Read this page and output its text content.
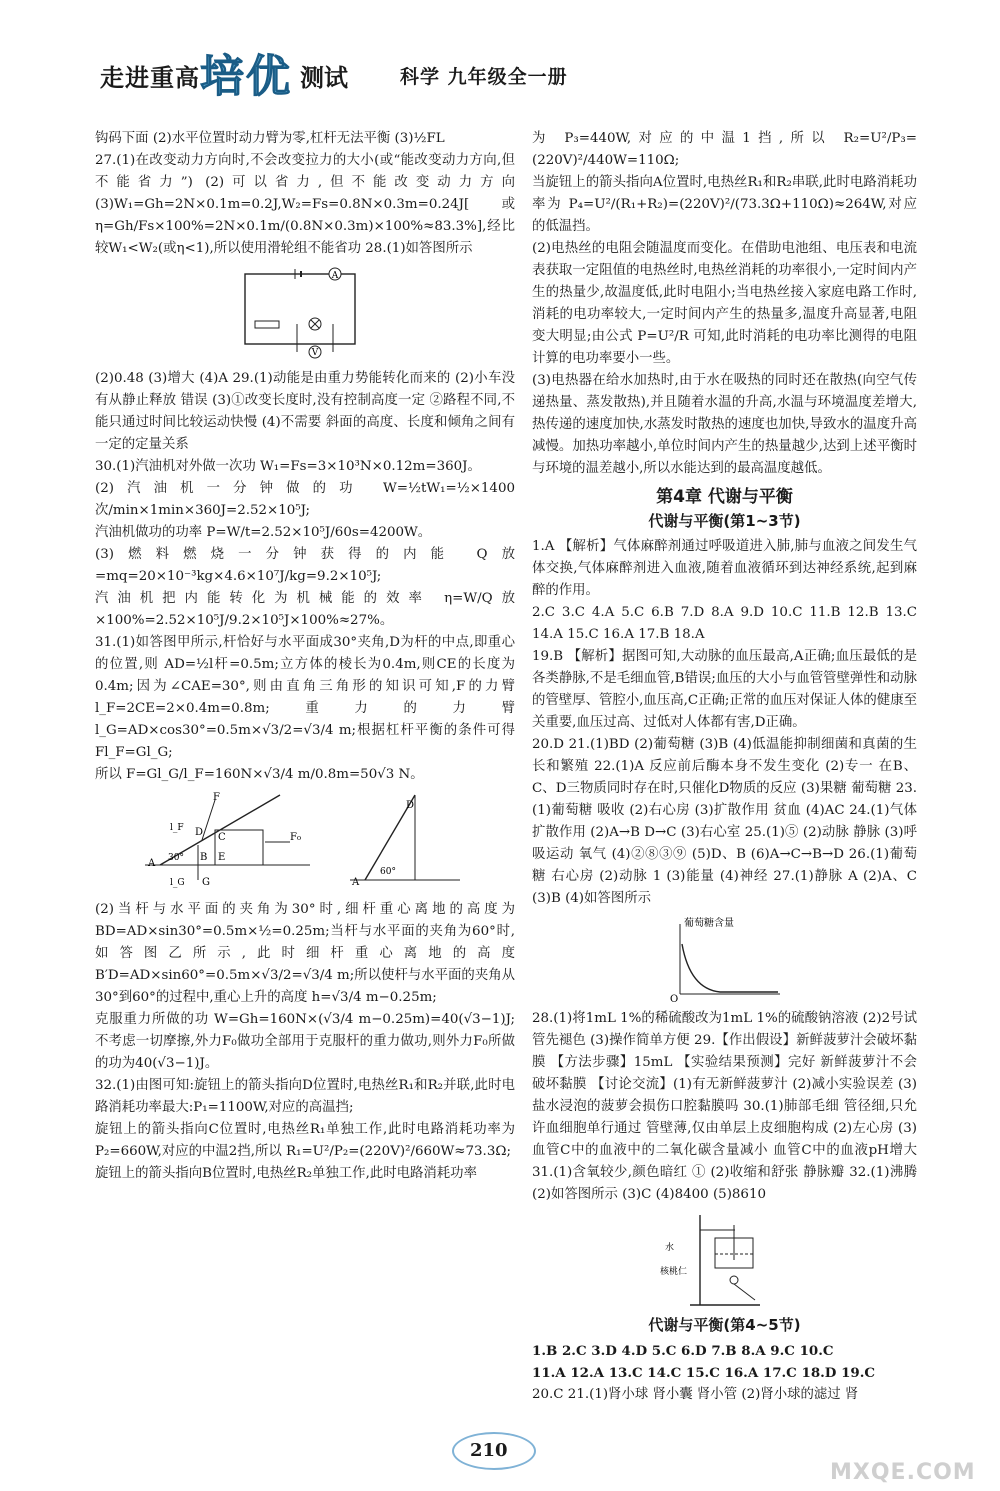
走进重高 培优 测试	科学 九年级全一册

钩码下面 (2)水平位置时动力臂为零,杠杆无法平衡 (3)½FL

27.(1)在改变动力方向时,不会改变拉力的大小(或“能改变动力方向,但不能省力”) (2)可以省力,但不能改变动力方向 (3)W₁=Gh=2N×0.1m=0.2J,W₂=Fs=0.8N×0.3m=0.24J[或η=Gh/Fs×100%=2N×0.1m/(0.8N×0.3m)×100%≈83.3%],经比较W₁<W₂(或η<1),所以使用滑轮组不能省功 28.(1)如答图所示

A
V

(2)0.48 (3)增大 (4)A 29.(1)动能是由重力势能转化而来的 (2)小车没有从静止释放 错误 (3)①改变长度时,没有控制高度一定 ②路程不同,不能只通过时间比较运动快慢 (4)不需要 斜面的高度、长度和倾角之间有一定的定量关系

30.(1)汽油机对外做一次功 W₁=Fs=3×10³N×0.12m=360J。

(2)汽油机一分钟做的功 W=½tW₁=½×1400次/min×1min×360J=2.52×10⁵J;

汽油机做功的功率 P=W/t=2.52×10⁵J/60s=4200W。

(3)燃料燃烧一分钟获得的内能 Q放=mq=20×10⁻³kg×4.6×10⁷J/kg=9.2×10⁵J;

汽油机把内能转化为机械能的效率 η=W/Q放×100%=2.52×10⁵J/9.2×10⁵J×100%≈27%。

31.(1)如答图甲所示,杆恰好与水平面成30°夹角,D为杆的中点,即重心的位置,则 AD=½l杆=0.5m;立方体的棱长为0.4m,则CE的长度为0.4m;因为∠CAE=30°,则由直角三角形的知识可知,F的力臂 l_F=2CE=2×0.4m=0.8m;重力的力臂 l_G=AD×cos30°=0.5m×√3/2=√3/4 m;根据杠杆平衡的条件可得 Fl_F=Gl_G;

所以 F=Gl_G/l_F=160N×√3/4 m/0.8m=50√3 N。

F
A
B
C
D
E
G
30°
l_F
l_G
F₀
A
D
60°

(2)当杆与水平面的夹角为30°时,细杆重心离地的高度为 BD=AD×sin30°=0.5m×½=0.25m;当杆与水平面的夹角为60°时,如答图乙所示,此时细杆重心离地的高度 B′D=AD×sin60°=0.5m×√3/2=√3/4 m;所以使杆与水平面的夹角从30°到60°的过程中,重心上升的高度 h=√3/4 m−0.25m;

克服重力所做的功 W=Gh=160N×(√3/4 m−0.25m)=40(√3−1)J;不考虑一切摩擦,外力F₀做功全部用于克服杆的重力做功,则外力F₀所做的功为40(√3−1)J。

32.(1)由图可知:旋钮上的箭头指向D位置时,电热丝R₁和R₂并联,此时电路消耗功率最大:P₁=1100W,对应的高温挡;

旋钮上的箭头指向C位置时,电热丝R₁单独工作,此时电路消耗功率为 P₂=660W,对应的中温2挡,所以 R₁=U²/P₂=(220V)²/660W≈73.3Ω;

旋钮上的箭头指向B位置时,电热丝R₂单独工作,此时电路消耗功率

为 P₃=440W,对应的中温1挡,所以 R₂=U²/P₃=(220V)²/440W=110Ω;

当旋钮上的箭头指向A位置时,电热丝R₁和R₂串联,此时电路消耗功率为 P₄=U²/(R₁+R₂)=(220V)²/(73.3Ω+110Ω)≈264W,对应的低温挡。

(2)电热丝的电阻会随温度而变化。在借助电池组、电压表和电流表获取一定阻值的电热丝时,电热丝消耗的功率很小,一定时间内产生的热量少,故温度低,此时电阻小;当电热丝接入家庭电路工作时,消耗的电功率较大,一定时间内产生的热量多,温度升高显著,电阻变大明显;由公式 P=U²/R 可知,此时消耗的电功率比测得的电阻计算的电功率要小一些。

(3)电热器在给水加热时,由于水在吸热的同时还在散热(向空气传递热量、蒸发散热),并且随着水温的升高,水温与环境温度差增大,热传递的速度加快,水蒸发时散热的速度也加快,导致水的温度升高减慢。加热功率越小,单位时间内产生的热量越少,达到上述平衡时与环境的温差越小,所以水能达到的最高温度越低。

第4章 代谢与平衡
代谢与平衡(第1~3节)

1.A 【解析】气体麻醉剂通过呼吸道进入肺,肺与血液之间发生气体交换,气体麻醉剂进入血液,随着血液循环到达神经系统,起到麻醉的作用。

2.C 3.C 4.A 5.C 6.B 7.D 8.A 9.D 10.C 11.B 12.B 13.C 14.A 15.C 16.A 17.B 18.A

19.B 【解析】据图可知,大动脉的血压最高,A正确;血压最低的是各类静脉,不是毛细血管,B错误;血压的大小与血管管壁弹性和动脉的管壁厚、管腔小,血压高,C正确;正常的血压对保证人体的健康至关重要,血压过高、过低对人体都有害,D正确。

20.D 21.(1)BD (2)葡萄糖 (3)B (4)低温能抑制细菌和真菌的生长和繁殖 22.(1)A 反应前后酶本身不发生变化 (2)专一 在B、C、D三物质同时存在时,只催化D物质的反应 (3)果糖 葡萄糖 23.(1)葡萄糖 吸收 (2)右心房 (3)扩散作用 贫血 (4)AC 24.(1)气体扩散作用 (2)A→B D→C (3)右心室 25.(1)⑤ (2)动脉 静脉 (3)呼吸运动 氧气 (4)②⑧③⑨ (5)D、B (6)A→C→B→D 26.(1)葡萄糖 右心房 (2)动脉 1 (3)能量 (4)神经 27.(1)静脉 A (2)A、C (3)B (4)如答图所示

葡萄糖含量
O

28.(1)将1mL 1%的稀硫酸改为1mL 1%的硫酸钠溶液 (2)2号试管先褪色 (3)操作简单方便 29.【作出假设】新鲜菠萝汁会破坏黏膜 【方法步骤】15mL 【实验结果预测】完好 新鲜菠萝汁不会破坏黏膜 【讨论交流】(1)有无新鲜菠萝汁 (2)减小实验误差 (3)盐水浸泡的菠萝会损伤口腔黏膜吗 30.(1)肺部毛细 管径细,只允许血细胞单行通过 管壁薄,仅由单层上皮细胞构成 (2)左心房 (3)血管C中的血液中的二氧化碳含量减小 血管C中的血液pH增大 31.(1)含氧较少,颜色暗红 ① (2)收缩和舒张 静脉瓣 32.(1)沸腾 (2)如答图所示 (3)C (4)8400 (5)8610

水
核桃仁
代谢与平衡(第4~5节)

1.B 2.C 3.D 4.D 5.C 6.D 7.B 8.A 9.C 10.C

11.A 12.A 13.C 14.C 15.C 16.A 17.C 18.D 19.C

20.C 21.(1)肾小球 肾小囊 肾小管 (2)肾小球的滤过 肾

210
MXQE.COM
